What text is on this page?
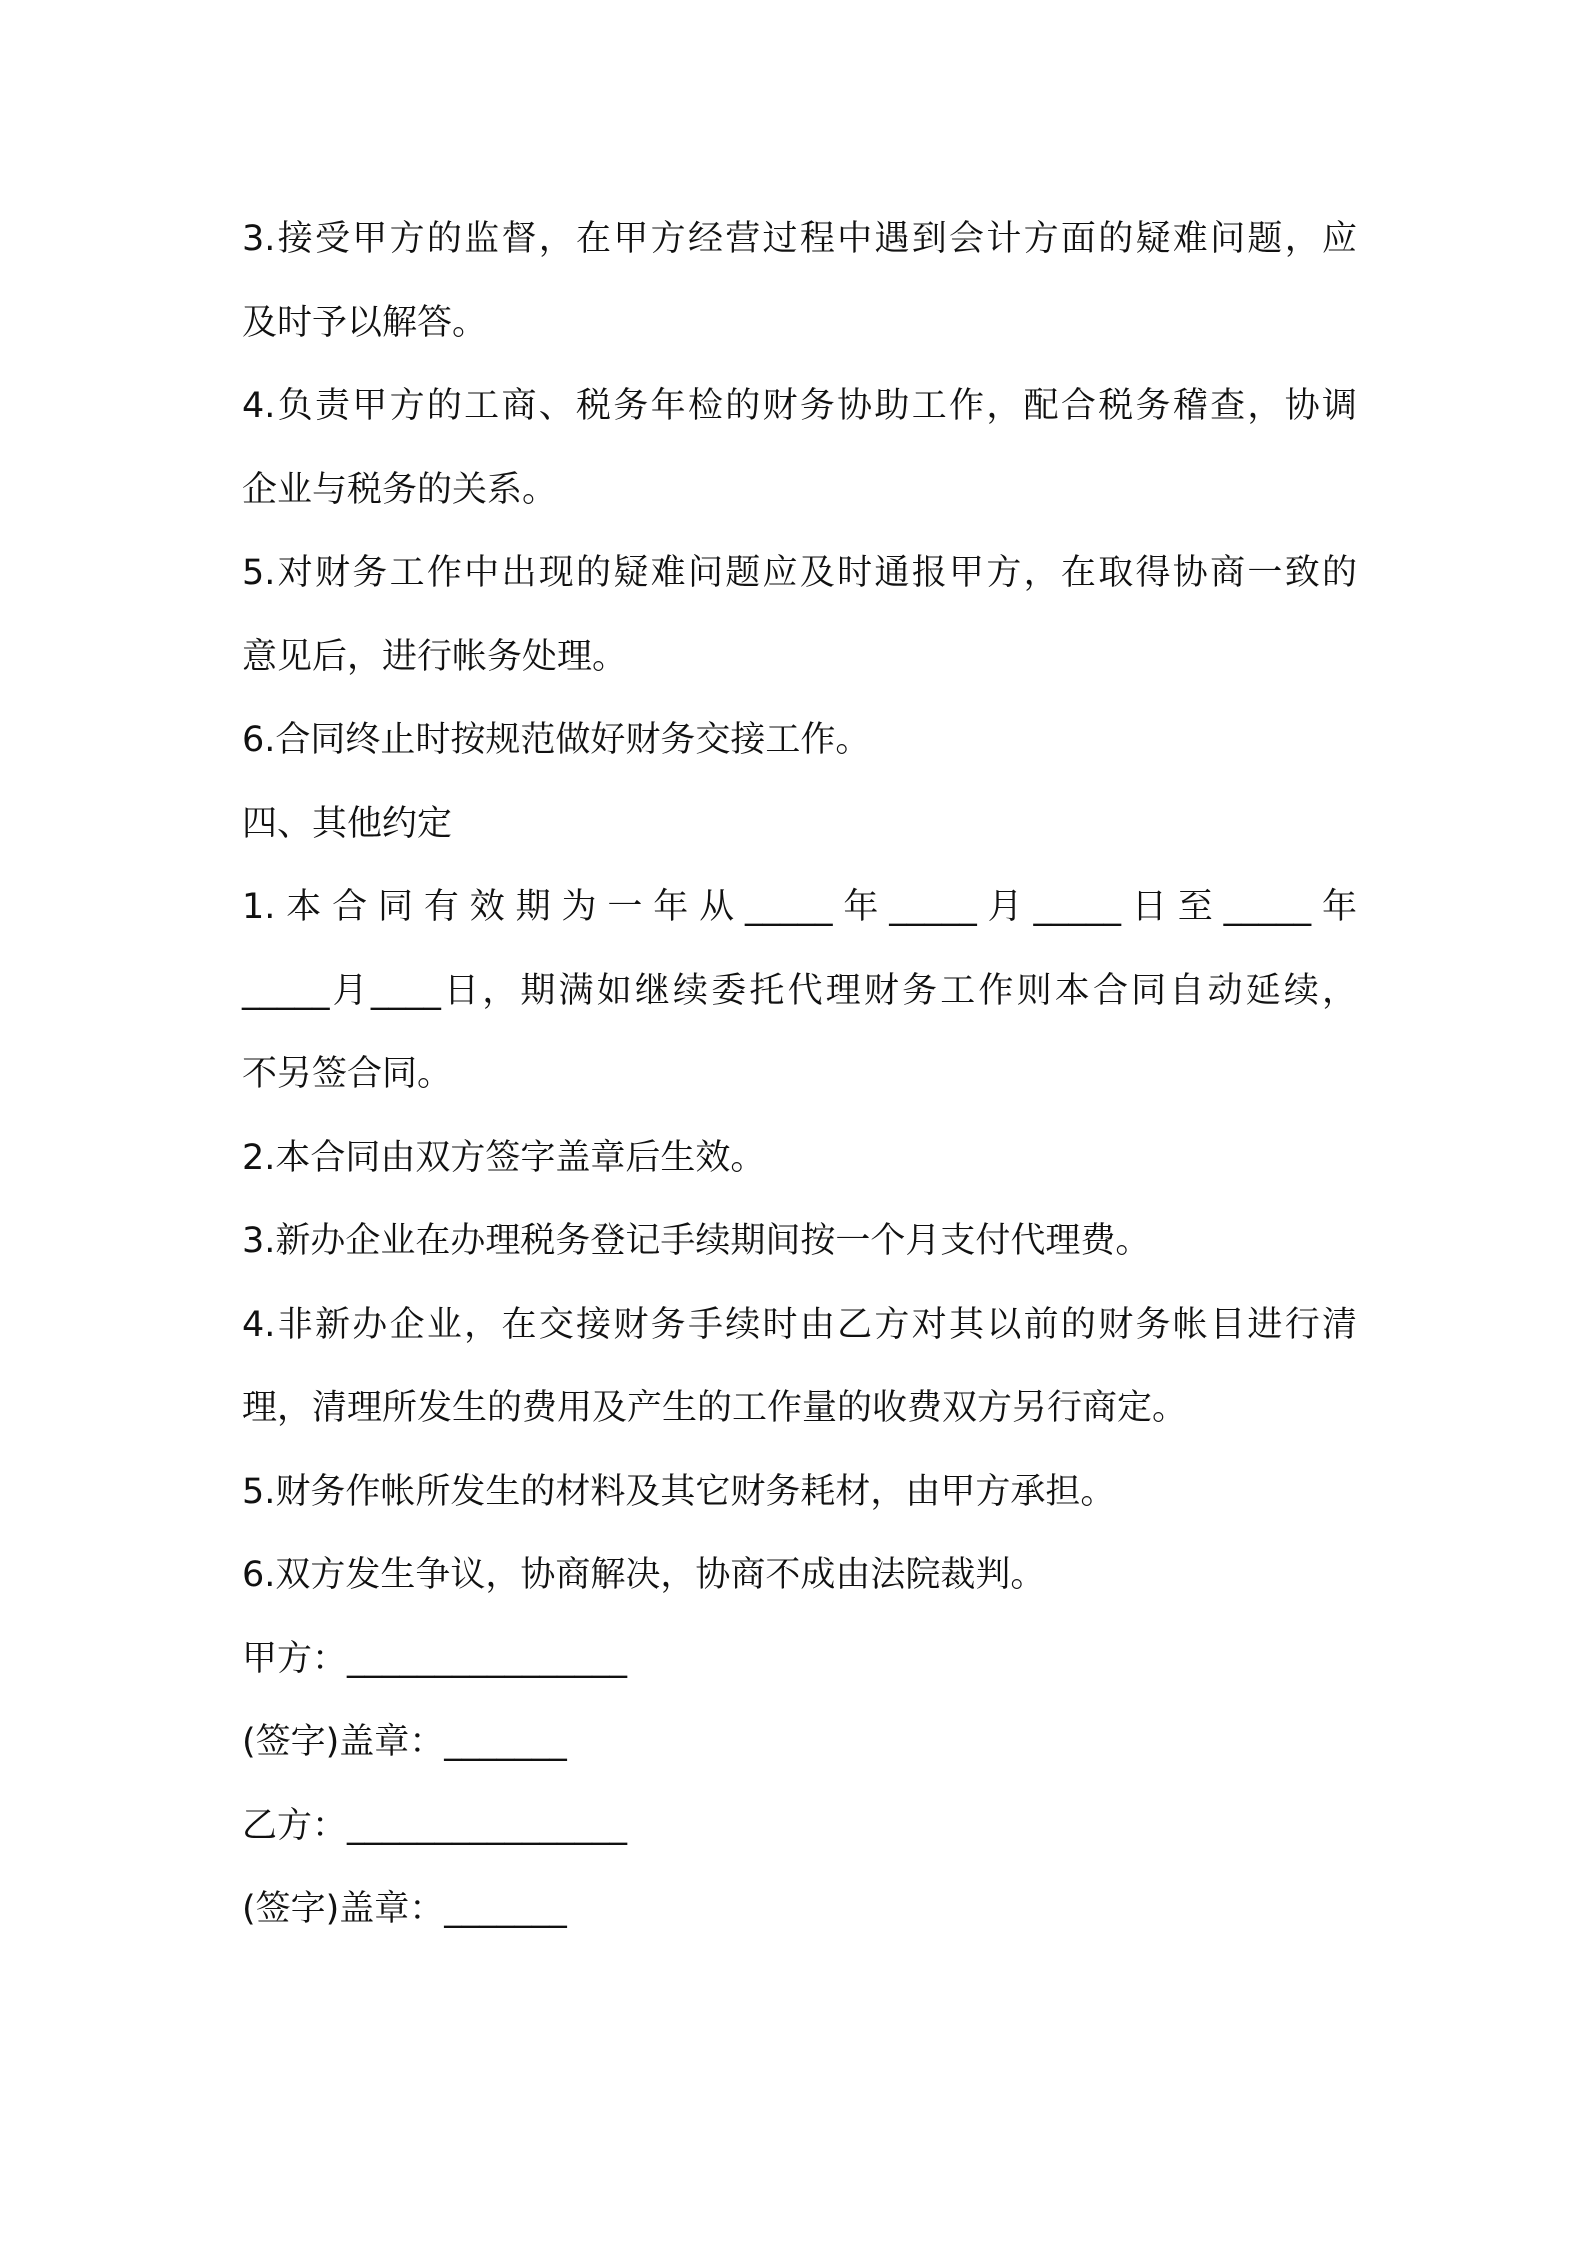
3.接受甲方的监督，在甲方经营过程中遇到会计方面的疑难问题，应

及时予以解答。

4.负责甲方的工商、税务年检的财务协助工作，配合税务稽查，协调

企业与税务的关系。

5.对财务工作中出现的疑难问题应及时通报甲方，在取得协商一致的

意见后，进行帐务处理。

6.合同终止时按规范做好财务交接工作。

四、其他约定

1.本合同有效期为一年从_____年_____月_____日至_____年

_____月____日，期满如继续委托代理财务工作则本合同自动延续，

不另签合同。

2.本合同由双方签字盖章后生效。

3.新办企业在办理税务登记手续期间按一个月支付代理费。

4.非新办企业，在交接财务手续时由乙方对其以前的财务帐目进行清

理，清理所发生的费用及产生的工作量的收费双方另行商定。

5.财务作帐所发生的材料及其它财务耗材，由甲方承担。

6.双方发生争议，协商解决，协商不成由法院裁判。

甲方：________________

(签字)盖章：_______

乙方：________________

(签字)盖章：_______
